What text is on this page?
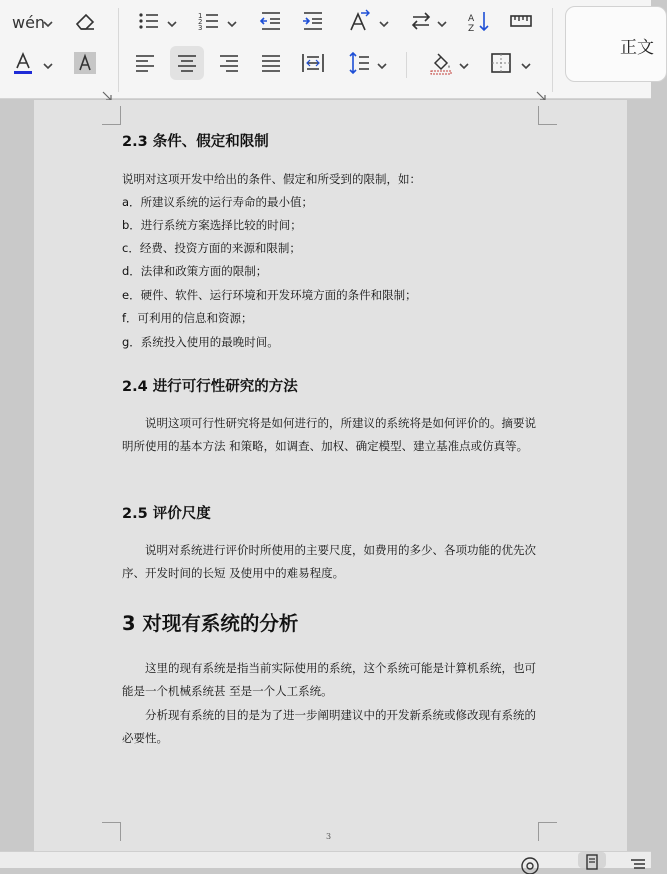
wén	1
2
3
A
Z
正文
2.3 条件、假定和限制
说明对这项开发中给出的条件、假定和所受到的限制，如：
a．所建议系统的运行寿命的最小值；
b．进行系统方案选择比较的时间；
c．经费、投资方面的来源和限制；
d．法律和政策方面的限制；
e．硬件、软件、运行环境和开发环境方面的条件和限制；
f．可利用的信息和资源；
g．系统投入使用的最晚时间。
2.4 进行可行性研究的方法
说明这项可行性研究将是如何进行的，所建议的系统将是如何评价的。摘要说明所使用的基本方法 和策略，如调查、加权、确定模型、建立基准点或仿真等。
2.5 评价尺度
说明对系统进行评价时所使用的主要尺度，如费用的多少、各项功能的优先次序、开发时间的长短 及使用中的难易程度。
3 对现有系统的分析
这里的现有系统是指当前实际使用的系统，这个系统可能是计算机系统，也可能是一个机械系统甚 至是一个人工系统。
分析现有系统的目的是为了进一步阐明建议中的开发新系统或修改现有系统的必要性。
3
